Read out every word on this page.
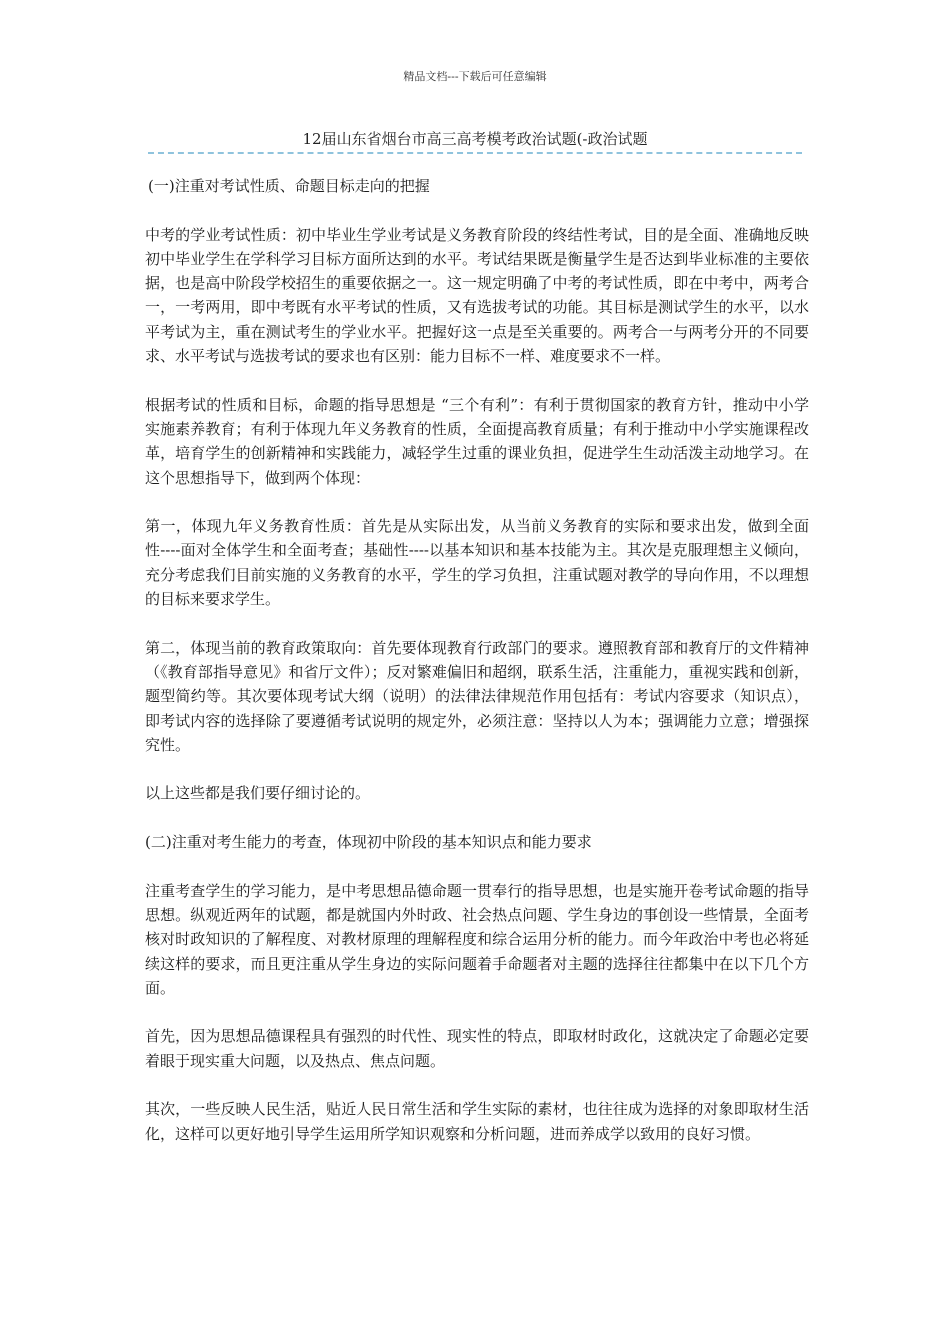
精品文档---下载后可任意编辑
12届山东省烟台市高三高考模考政治试题(-政治试题

(一)注重对考试性质、命题目标走向的把握

中考的学业考试性质：初中毕业生学业考试是义务教育阶段的终结性考试，目的是全面、准确地反映初中毕业学生在学科学习目标方面所达到的水平。考试结果既是衡量学生是否达到毕业标准的主要依据，也是高中阶段学校招生的重要依据之一。这一规定明确了中考的考试性质，即在中考中，两考合一，一考两用，即中考既有水平考试的性质，又有选拔考试的功能。其目标是测试学生的水平，以水平考试为主，重在测试考生的学业水平。把握好这一点是至关重要的。两考合一与两考分开的不同要求、水平考试与选拔考试的要求也有区别：能力目标不一样、难度要求不一样。

根据考试的性质和目标，命题的指导思想是 “三个有利”：有利于贯彻国家的教育方针，推动中小学实施素养教育；有利于体现九年义务教育的性质，全面提高教育质量；有利于推动中小学实施课程改革，培育学生的创新精神和实践能力，减轻学生过重的课业负担，促进学生生动活泼主动地学习。在这个思想指导下，做到两个体现：

第一，体现九年义务教育性质：首先是从实际出发，从当前义务教育的实际和要求出发，做到全面性----面对全体学生和全面考查；基础性----以基本知识和基本技能为主。其次是克服理想主义倾向，充分考虑我们目前实施的义务教育的水平，学生的学习负担，注重试题对教学的导向作用，不以理想的目标来要求学生。

第二，体现当前的教育政策取向：首先要体现教育行政部门的要求。遵照教育部和教育厅的文件精神（《教育部指导意见》和省厅文件）；反对繁难偏旧和超纲，联系生活，注重能力，重视实践和创新，题型简约等。其次要体现考试大纲（说明）的法律法律规范作用包括有：考试内容要求（知识点），即考试内容的选择除了要遵循考试说明的规定外，必须注意：坚持以人为本；强调能力立意；增强探究性。

以上这些都是我们要仔细讨论的。

(二)注重对考生能力的考查，体现初中阶段的基本知识点和能力要求

注重考查学生的学习能力，是中考思想品德命题一贯奉行的指导思想，也是实施开卷考试命题的指导思想。纵观近两年的试题，都是就国内外时政、社会热点问题、学生身边的事创设一些情景，全面考核对时政知识的了解程度、对教材原理的理解程度和综合运用分析的能力。而今年政治中考也必将延续这样的要求，而且更注重从学生身边的实际问题着手命题者对主题的选择往往都集中在以下几个方面。

首先，因为思想品德课程具有强烈的时代性、现实性的特点，即取材时政化，这就决定了命题必定要着眼于现实重大问题，以及热点、焦点问题。

其次，一些反映人民生活，贴近人民日常生活和学生实际的素材，也往往成为选择的对象即取材生活化，这样可以更好地引导学生运用所学知识观察和分析问题，进而养成学以致用的良好习惯。
